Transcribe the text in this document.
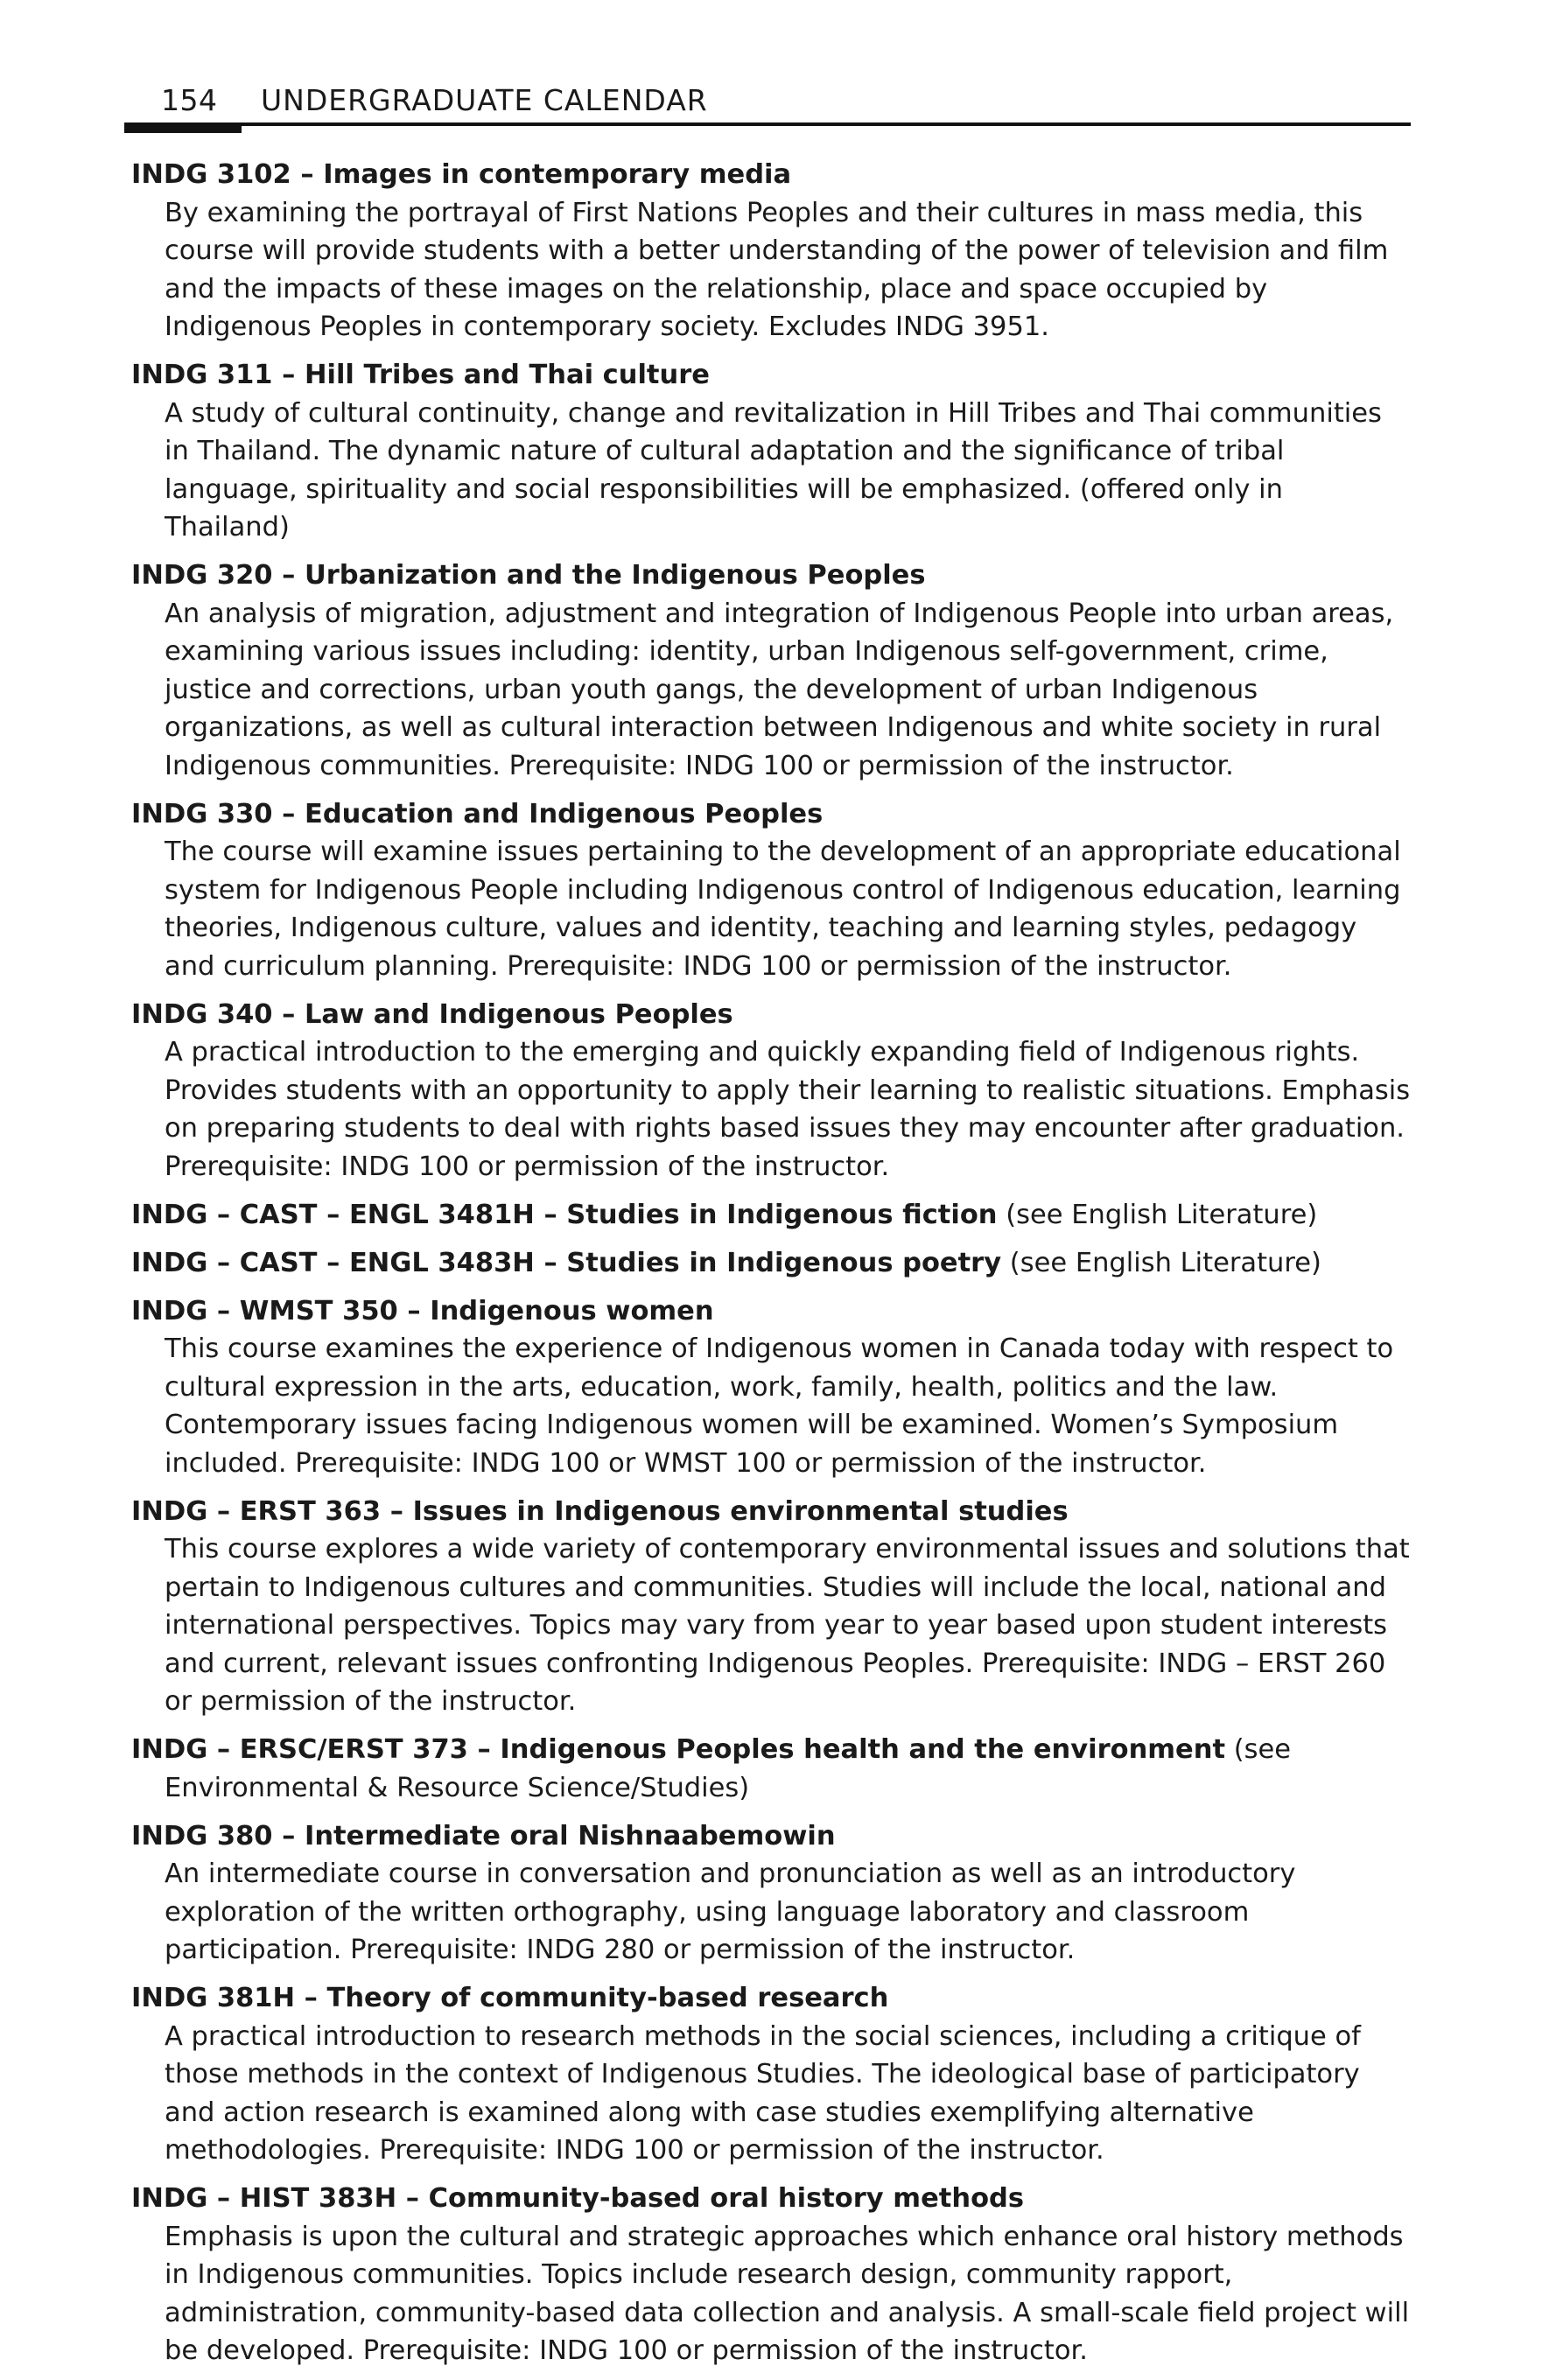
154 UNDERGRADUATE CALENDAR
INDG 3102 – Images in contemporary media
By examining the portrayal of First Nations Peoples and their cultures in mass media, this course will provide students with a better understanding of the power of television and film and the impacts of these images on the relationship, place and space occupied by Indigenous Peoples in contemporary society. Excludes INDG 3951.
INDG 311 – Hill Tribes and Thai culture
A study of cultural continuity, change and revitalization in Hill Tribes and Thai communities in Thailand. The dynamic nature of cultural adaptation and the significance of tribal language, spirituality and social responsibilities will be emphasized. (offered only in Thailand)
INDG 320 – Urbanization and the Indigenous Peoples
An analysis of migration, adjustment and integration of Indigenous People into urban areas, examining various issues including: identity, urban Indigenous self-government, crime, justice and corrections, urban youth gangs, the development of urban Indigenous organizations, as well as cultural interaction between Indigenous and white society in rural Indigenous communities. Prerequisite: INDG 100 or permission of the instructor.
INDG 330 – Education and Indigenous Peoples
The course will examine issues pertaining to the development of an appropriate educational system for Indigenous People including Indigenous control of Indigenous education, learning theories, Indigenous culture, values and identity, teaching and learning styles, pedagogy and curriculum planning. Prerequisite: INDG 100 or permission of the instructor.
INDG 340 – Law and Indigenous Peoples
A practical introduction to the emerging and quickly expanding field of Indigenous rights. Provides students with an opportunity to apply their learning to realistic situations. Emphasis on preparing students to deal with rights based issues they may encounter after graduation. Prerequisite: INDG 100 or permission of the instructor.
INDG – CAST – ENGL 3481H – Studies in Indigenous fiction (see English Literature)
INDG – CAST – ENGL 3483H – Studies in Indigenous poetry (see English Literature)
INDG – WMST 350 – Indigenous women
This course examines the experience of Indigenous women in Canada today with respect to cultural expression in the arts, education, work, family, health, politics and the law. Contemporary issues facing Indigenous women will be examined. Women’s Symposium included. Prerequisite: INDG 100 or WMST 100 or permission of the instructor.
INDG – ERST 363 – Issues in Indigenous environmental studies
This course explores a wide variety of contemporary environmental issues and solutions that pertain to Indigenous cultures and communities. Studies will include the local, national and international perspectives. Topics may vary from year to year based upon student interests and current, relevant issues confronting Indigenous Peoples. Prerequisite: INDG – ERST 260 or permission of the instructor.
INDG – ERSC/ERST 373 – Indigenous Peoples health and the environment (see Environmental & Resource Science/Studies)
INDG 380 – Intermediate oral Nishnaabemowin
An intermediate course in conversation and pronunciation as well as an introductory exploration of the written orthography, using language laboratory and classroom participation. Prerequisite: INDG 280 or permission of the instructor.
INDG 381H – Theory of community-based research
A practical introduction to research methods in the social sciences, including a critique of those methods in the context of Indigenous Studies. The ideological base of participatory and action research is examined along with case studies exemplifying alternative methodologies. Prerequisite: INDG 100 or permission of the instructor.
INDG – HIST 383H – Community-based oral history methods
Emphasis is upon the cultural and strategic approaches which enhance oral history methods in Indigenous communities. Topics include research design, community rapport, administration, community-based data collection and analysis. A small-scale field project will be developed. Prerequisite: INDG 100 or permission of the instructor.
